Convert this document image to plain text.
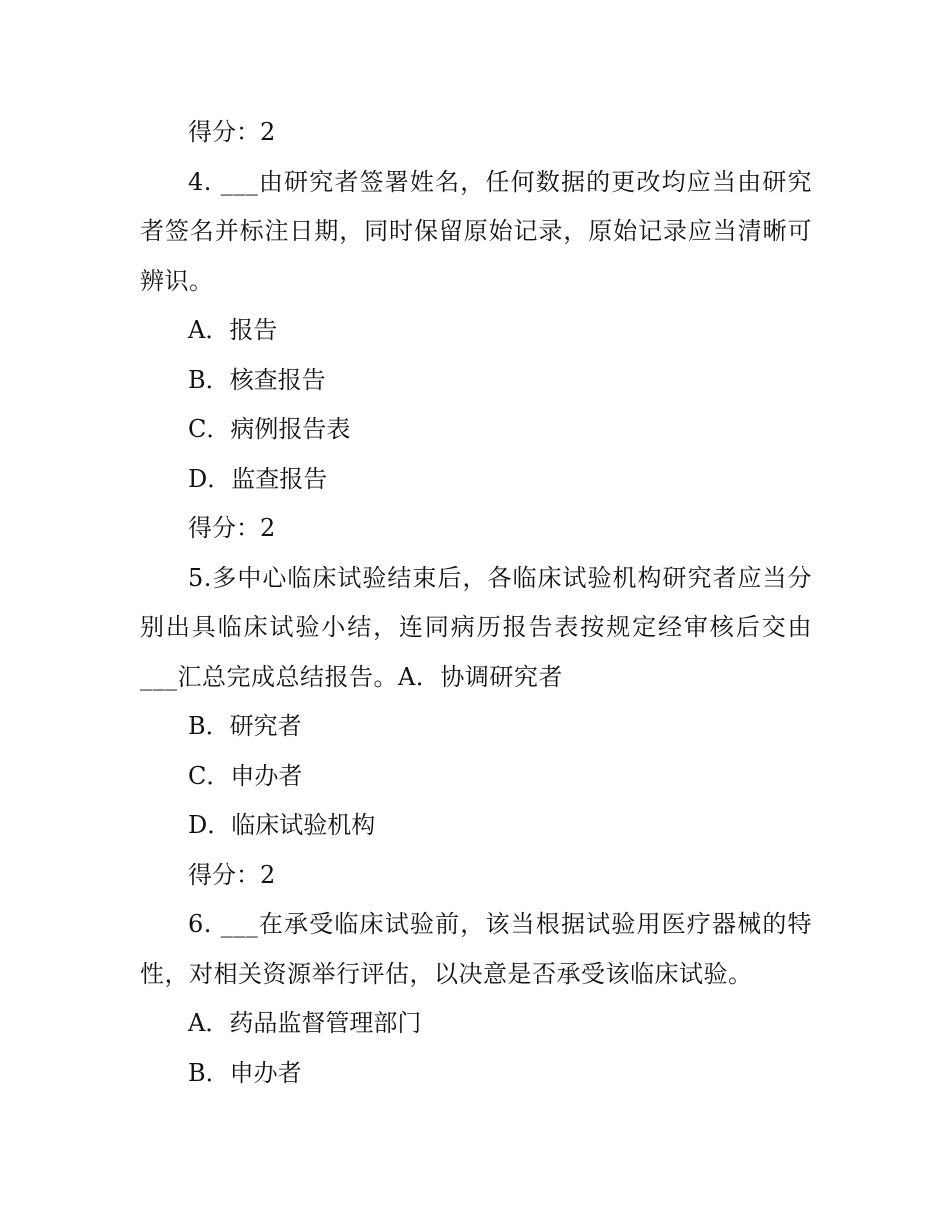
得分：2
4. ___由研究者签署姓名，任何数据的更改均应当由研究者签名并标注日期，同时保留原始记录，原始记录应当清晰可辨识。
A．报告
B．核查报告
C．病例报告表
D．监查报告
得分：2
5.多中心临床试验结束后，各临床试验机构研究者应当分别出具临床试验小结，连同病历报告表按规定经审核后交由___汇总完成总结报告。A．协调研究者
B．研究者
C．申办者
D．临床试验机构
得分：2
6. ___在承受临床试验前，该当根据试验用医疗器械的特性，对相关资源举行评估，以决意是否承受该临床试验。
A．药品监督管理部门
B．申办者
